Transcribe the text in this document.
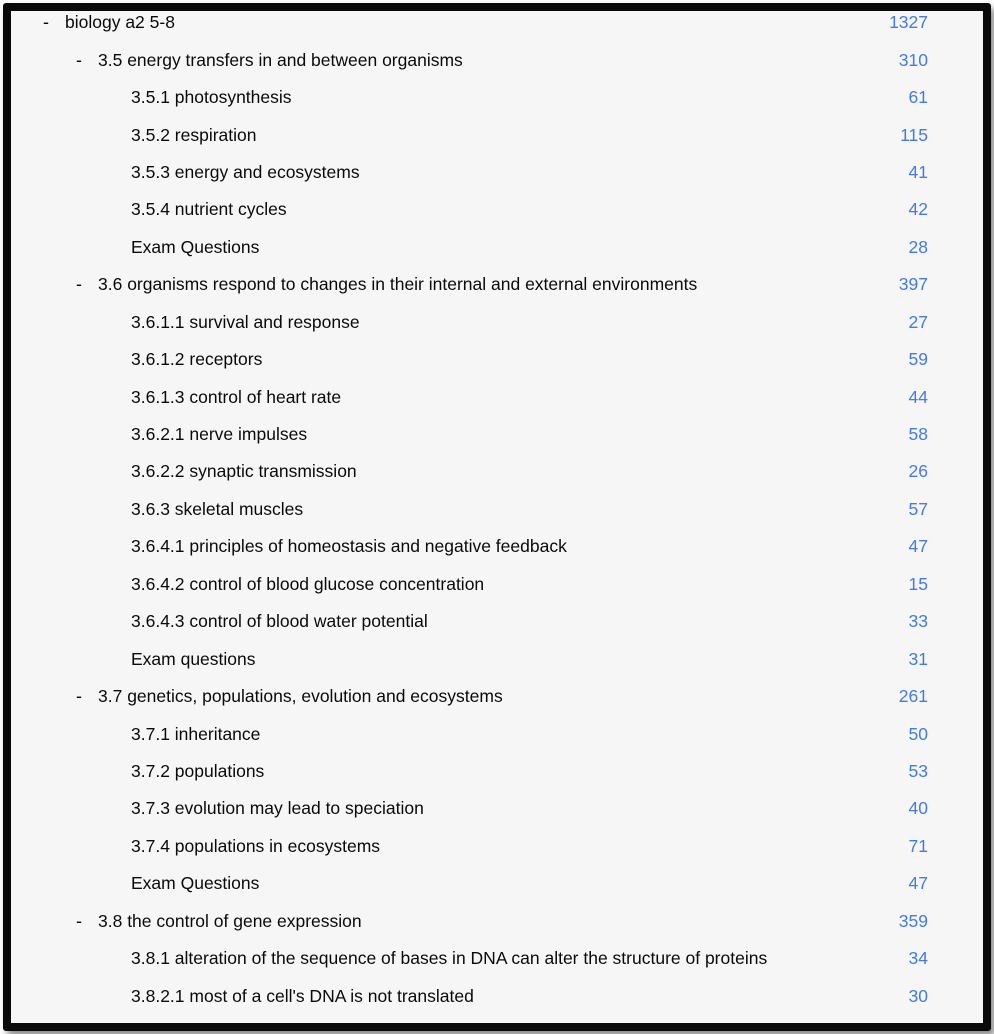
- biology a2 5-8	1327
- 3.5 energy transfers in and between organisms	310
3.5.1 photosynthesis	61
3.5.2 respiration	115
3.5.3 energy and ecosystems	41
3.5.4 nutrient cycles	42
Exam Questions	28
- 3.6 organisms respond to changes in their internal and external environments	397
3.6.1.1 survival and response	27
3.6.1.2 receptors	59
3.6.1.3 control of heart rate	44
3.6.2.1 nerve impulses	58
3.6.2.2 synaptic transmission	26
3.6.3 skeletal muscles	57
3.6.4.1 principles of homeostasis and negative feedback	47
3.6.4.2 control of blood glucose concentration	15
3.6.4.3 control of blood water potential	33
Exam questions	31
- 3.7 genetics, populations, evolution and ecosystems	261
3.7.1 inheritance	50
3.7.2 populations	53
3.7.3 evolution may lead to speciation	40
3.7.4 populations in ecosystems	71
Exam Questions	47
- 3.8 the control of gene expression	359
3.8.1 alteration of the sequence of bases in DNA can alter the structure of proteins	34
3.8.2.1 most of a cell's DNA is not translated	30
